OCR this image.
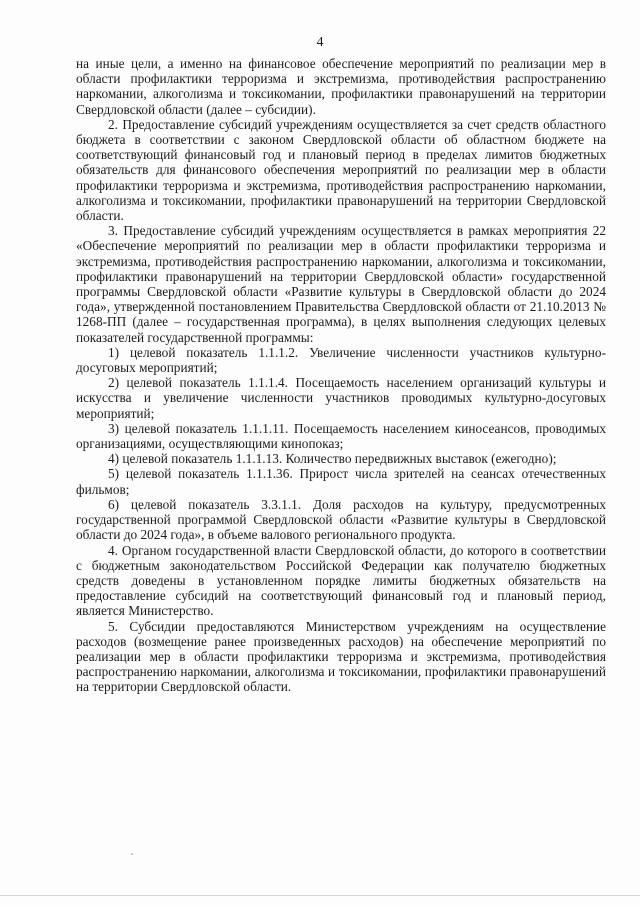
4

на иные цели, а именно на финансовое обеспечение мероприятий по реализации мер в области профилактики терроризма и экстремизма, противодействия распространению наркомании, алкоголизма и токсикомании, профилактики правонарушений на территории Свердловской области (далее – субсидии).

2. Предоставление субсидий учреждениям осуществляется за счет средств областного бюджета в соответствии с законом Свердловской области об областном бюджете на соответствующий финансовый год и плановый период в пределах лимитов бюджетных обязательств для финансового обеспечения мероприятий по реализации мер в области профилактики терроризма и экстремизма, противодействия распространению наркомании, алкоголизма и токсикомании, профилактики правонарушений на территории Свердловской области.

3. Предоставление субсидий учреждениям осуществляется в рамках мероприятия 22 «Обеспечение мероприятий по реализации мер в области профилактики терроризма и экстремизма, противодействия распространению наркомании, алкоголизма и токсикомании, профилактики правонарушений на территории Свердловской области» государственной программы Свердловской области «Развитие культуры в Свердловской области до 2024 года», утвержденной постановлением Правительства Свердловской области от 21.10.2013 № 1268-ПП (далее – государственная программа), в целях выполнения следующих целевых показателей государственной программы:

1) целевой показатель 1.1.1.2. Увеличение численности участников культурно-досуговых мероприятий;

2) целевой показатель 1.1.1.4. Посещаемость населением организаций культуры и искусства и увеличение численности участников проводимых культурно-досуговых мероприятий;

3) целевой показатель 1.1.1.11. Посещаемость населением киносеансов, проводимых организациями, осуществляющими кинопоказ;

4) целевой показатель 1.1.1.13. Количество передвижных выставок (ежегодно);

5) целевой показатель 1.1.1.36. Прирост числа зрителей на сеансах отечественных фильмов;

6) целевой показатель 3.3.1.1. Доля расходов на культуру, предусмотренных государственной программой Свердловской области «Развитие культуры в Свердловской области до 2024 года», в объеме валового регионального продукта.

4. Органом государственной власти Свердловской области, до которого в соответствии с бюджетным законодательством Российской Федерации как получателю бюджетных средств доведены в установленном порядке лимиты бюджетных обязательств на предоставление субсидий на соответствующий финансовый год и плановый период, является Министерство.

5. Субсидии предоставляются Министерством учреждениям на осуществление расходов (возмещение ранее произведенных расходов) на обеспечение мероприятий по реализации мер в области профилактики терроризма и экстремизма, противодействия распространению наркомании, алкоголизма и токсикомании, профилактики правонарушений на территории Свердловской области.
